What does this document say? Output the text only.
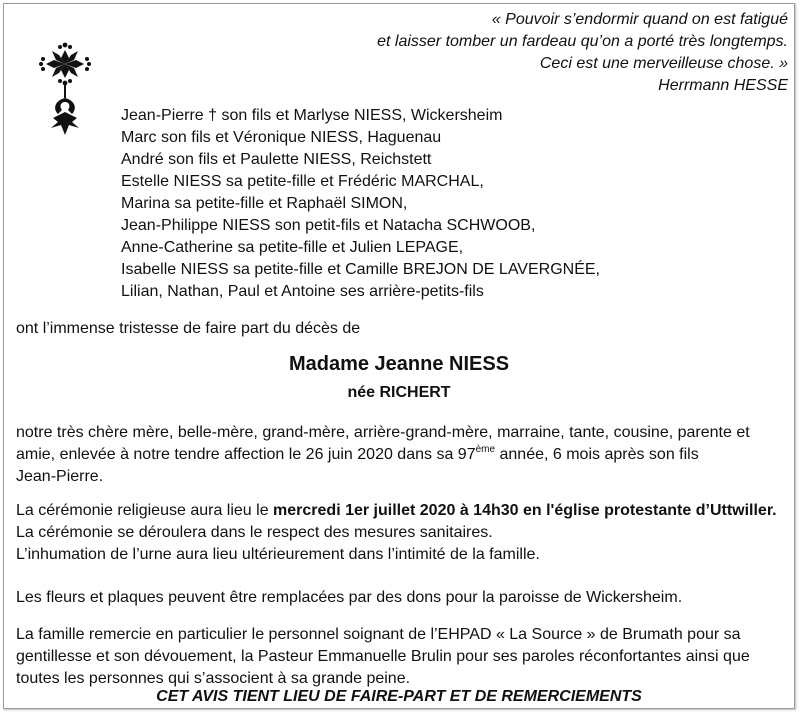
« Pouvoir s’endormir quand on est fatigué
et laisser tomber un fardeau qu’on a porté très longtemps.
Ceci est une merveilleuse chose. »
Herrmann HESSE
Jean-Pierre † son fils et Marlyse NIESS, Wickersheim
Marc son fils et Véronique NIESS, Haguenau
André son fils et Paulette NIESS, Reichstett
Estelle NIESS sa petite-fille et Frédéric MARCHAL,
Marina sa petite-fille et Raphaël SIMON,
Jean-Philippe NIESS son petit-fils et Natacha SCHWOOB,
Anne-Catherine sa petite-fille et Julien LEPAGE,
Isabelle NIESS sa petite-fille et Camille BREJON DE LAVERGNÉE,
Lilian, Nathan, Paul et Antoine ses arrière-petits-fils
ont l’immense tristesse de faire part du décès de
Madame Jeanne NIESS
née RICHERT
notre très chère mère, belle-mère, grand-mère, arrière-grand-mère, marraine, tante, cousine, parente et
amie, enlevée à notre tendre affection le 26 juin 2020 dans sa 97ème année, 6 mois après son fils
Jean-Pierre.
La cérémonie religieuse aura lieu le mercredi 1er juillet 2020 à 14h30 en l'église protestante d’Uttwiller.
La cérémonie se déroulera dans le respect des mesures sanitaires.
L’inhumation de l’urne aura lieu ultérieurement dans l’intimité de la famille.
Les fleurs et plaques peuvent être remplacées par des dons pour la paroisse de Wickersheim.
La famille remercie en particulier le personnel soignant de l’EHPAD « La Source » de Brumath pour sa
gentillesse et son dévouement, la Pasteur Emmanuelle Brulin pour ses paroles réconfortantes ainsi que
toutes les personnes qui s’associent à sa grande peine.
CET AVIS TIENT LIEU DE FAIRE-PART ET DE REMERCIEMENTS
